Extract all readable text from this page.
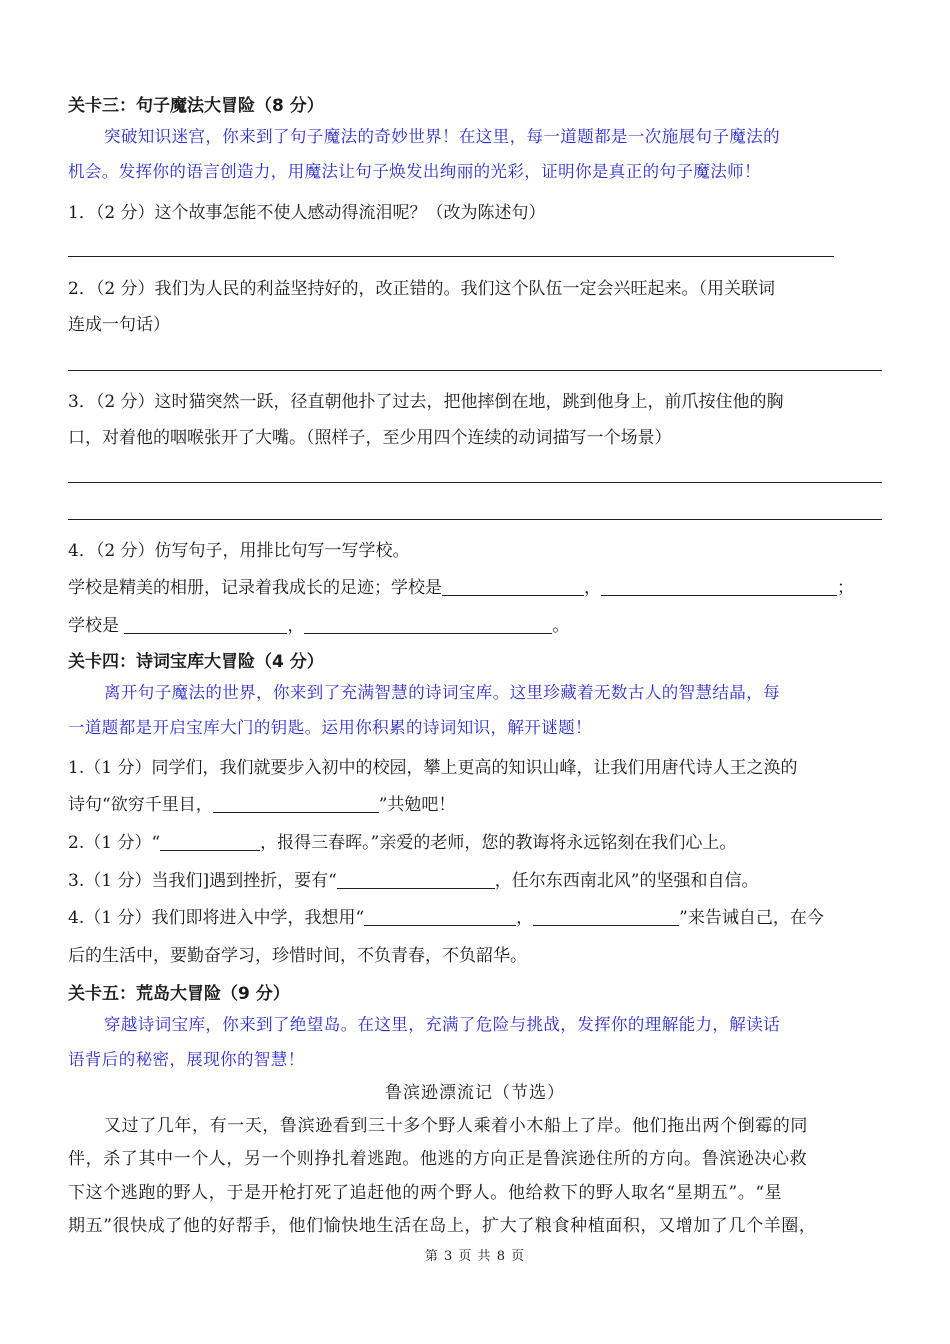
关卡三：句子魔法大冒险（8 分）
突破知识迷宫，你来到了句子魔法的奇妙世界！在这里，每一道题都是一次施展句子魔法的
机会。发挥你的语言创造力，用魔法让句子焕发出绚丽的光彩，证明你是真正的句子魔法师！
1．（2 分）这个故事怎能不使人感动得流泪呢？（改为陈述句）
2．（2 分）我们为人民的利益坚持好的，改正错的。我们这个队伍一定会兴旺起来。（用关联词
连成一句话）
3．（2 分）这时猫突然一跃，径直朝他扑了过去，把他摔倒在地，跳到他身上，前爪按住他的胸
口，对着他的咽喉张开了大嘴。（照样子，至少用四个连续的动词描写一个场景）
4．（2 分）仿写句子，用排比句写一写学校。
学校是精美的相册，记录着我成长的足迹；学校是	，	；
学校是	，	。
关卡四：诗词宝库大冒险（4 分）
离开句子魔法的世界，你来到了充满智慧的诗词宝库。这里珍藏着无数古人的智慧结晶，每
一道题都是开启宝库大门的钥匙。运用你积累的诗词知识，解开谜题！
1.（1 分）同学们，我们就要步入初中的校园，攀上更高的知识山峰，让我们用唐代诗人王之涣的
诗句“欲穷千里目，	”共勉吧！
2.（1 分）“	，报得三春晖。”亲爱的老师，您的教诲将永远铭刻在我们心上。
3.（1 分）当我们]遇到挫折，要有“	，任尔东西南北风”的坚强和自信。
4.（1 分）我们即将进入中学，我想用“	，	”来告诫自己，在今
后的生活中，要勤奋学习，珍惜时间，不负青春，不负韶华。
关卡五：荒岛大冒险（9 分）
穿越诗词宝库，你来到了绝望岛。在这里，充满了危险与挑战，发挥你的理解能力，解读话
语背后的秘密，展现你的智慧！
鲁滨逊漂流记（节选）
又过了几年，有一天，鲁滨逊看到三十多个野人乘着小木船上了岸。他们拖出两个倒霉的同
伴，杀了其中一个人，另一个则挣扎着逃跑。他逃的方向正是鲁滨逊住所的方向。鲁滨逊决心救
下这个逃跑的野人，于是开枪打死了追赶他的两个野人。他给救下的野人取名“星期五”。“星
期五”很快成了他的好帮手，他们愉快地生活在岛上，扩大了粮食种植面积，又增加了几个羊圈，
第 3 页 共 8 页
